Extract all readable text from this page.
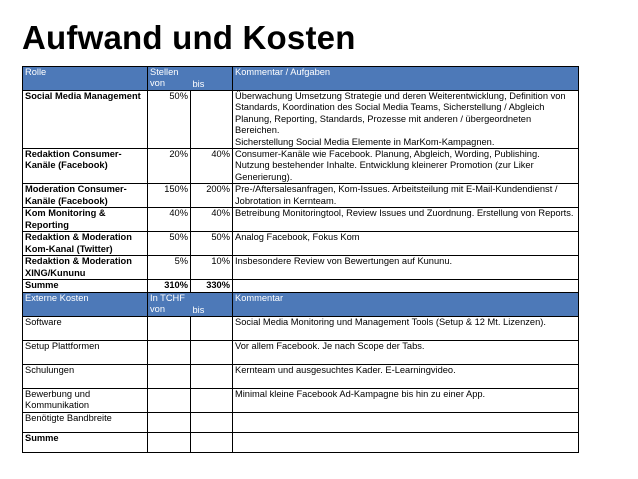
Aufwand und Kosten
Rolle	Stellen
von	bis	Kommentar / Aufgaben
Social Media Management	50%		Überwachung Umsetzung Strategie und deren Weiterentwicklung, Definition von Standards, Koordination des Social Media Teams, Sicherstellung / Abgleich Planung, Reporting, Standards, Prozesse mit anderen / übergeordneten Bereichen.
Sicherstellung Social Media Elemente in MarKom-Kampagnen.
Redaktion Consumer-Kanäle (Facebook)	20%	40%	Consumer-Kanäle wie Facebook. Planung, Abgleich, Wording, Publishing. Nutzung bestehender Inhalte. Entwicklung kleinerer Promotion (zur Liker Generierung).
Moderation Consumer-Kanäle (Facebook)	150%	200%	Pre-/Aftersalesanfragen, Kom-Issues. Arbeitsteilung mit E-Mail-Kundendienst / Jobrotation in Kernteam.
Kom Monitoring & Reporting	40%	40%	Betreibung Monitoringtool, Review Issues und Zuordnung. Erstellung von Reports.
Redaktion & Moderation Kom-Kanal (Twitter)	50%	50%	Analog Facebook, Fokus Kom
Redaktion & Moderation XING/Kununu	5%	10%	Insbesondere Review von Bewertungen auf Kununu.
Summe	310%	330%	
Externe Kosten	In TCHF
von	bis	Kommentar
Software			Social Media Monitoring und Management Tools (Setup & 12 Mt. Lizenzen).
Setup Plattformen			Vor allem Facebook. Je nach Scope der Tabs.
Schulungen			Kernteam und ausgesuchtes Kader. E-Learningvideo.
Bewerbung und Kommunikation			Minimal kleine Facebook Ad-Kampagne bis hin zu einer App.
Benötigte Bandbreite			
Summe			
